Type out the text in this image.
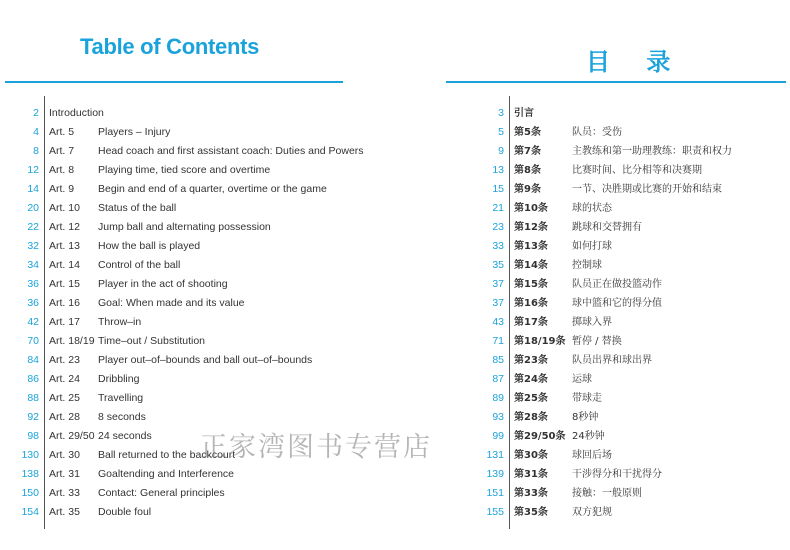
Table of Contents
目 录
2 Introduction
4 Art. 5 Players – Injury
8 Art. 7 Head coach and first assistant coach: Duties and Powers
12 Art. 8 Playing time, tied score and overtime
14 Art. 9 Begin and end of a quarter, overtime or the game
20 Art. 10 Status of the ball
22 Art. 12 Jump ball and alternating possession
32 Art. 13 How the ball is played
34 Art. 14 Control of the ball
36 Art. 15 Player in the act of shooting
36 Art. 16 Goal: When made and its value
42 Art. 17 Throw–in
70 Art. 18/19 Time–out / Substitution
84 Art. 23 Player out–of–bounds and ball out–of–bounds
86 Art. 24 Dribbling
88 Art. 25 Travelling
92 Art. 28 8 seconds
98 Art. 29/50 24 seconds
130 Art. 30 Ball returned to the backcourt
138 Art. 31 Goaltending and Interference
150 Art. 33 Contact: General principles
154 Art. 35 Double foul
3 引言
5 第5条	队员：受伤
9 第7条	主教练和第一助理教练：职责和权力
13 第8条	比赛时间、比分相等和决赛期
15 第9条	一节、决胜期或比赛的开始和结束
21 第10条 球的状态
23 第12条 跳球和交替拥有
33 第13条 如何打球
35 第14条 控制球
37 第15条 队员正在做投篮动作
37 第16条 球中篮和它的得分值
43 第17条 掷球入界
71 第18/19条 暂停 / 替换
85 第23条 队员出界和球出界
87 第24条 运球
89 第25条 带球走
93 第28条 8秒钟
99 第29/50条 24秒钟
131 第30条 球回后场
139 第31条 干涉得分和干扰得分
151 第33条 接触：一般原则
155 第35条 双方犯规
正家湾图书专营店
